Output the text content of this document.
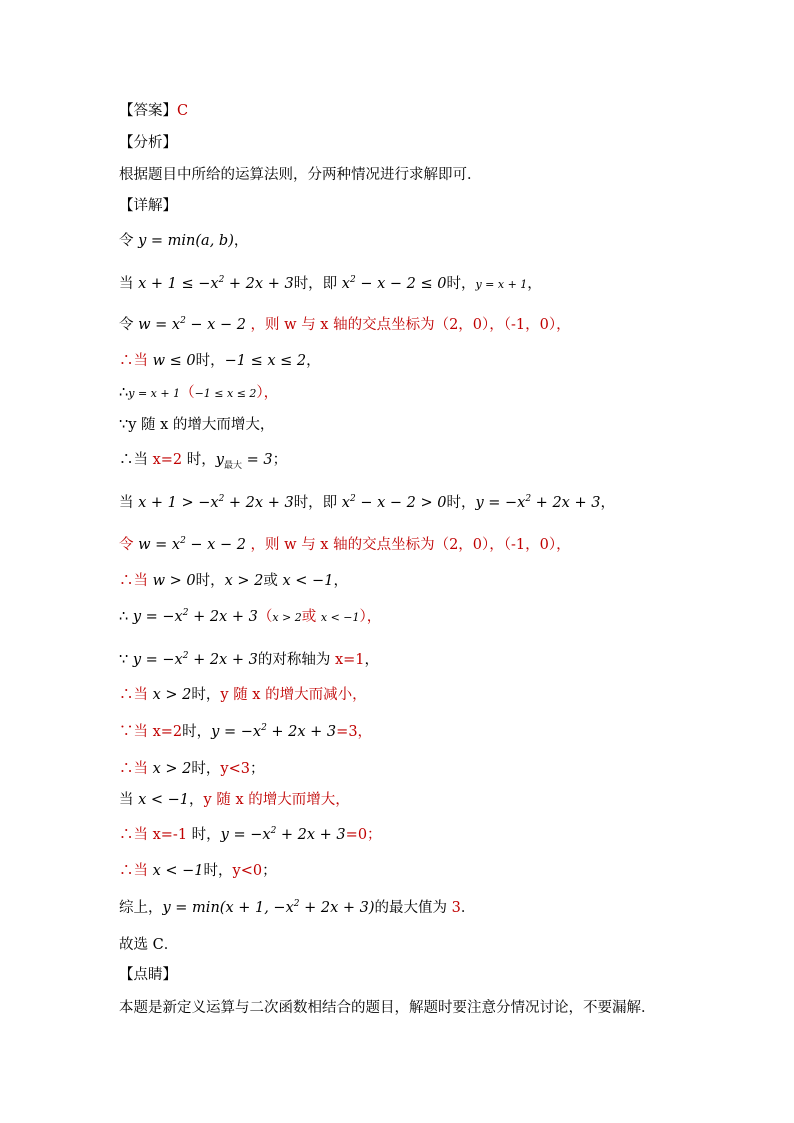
【答案】C
【分析】
根据题目中所给的运算法则，分两种情况进行求解即可．
【详解】
令 y = min(a, b)，
当 $x + 1 \le -x^2 + 2x + 3$时，即 $x^2 - x - 2 \le 0$时，y = x + 1，
令 $w = x^2 - x - 2$ ，则 w 与 x 轴的交点坐标为（2，0），（-1，0），
∴当 w ≤ 0时，−1 ≤ x ≤ 2，
∴y = x + 1（−1 ≤ x ≤ 2），
∵y 随 x 的增大而增大，
∴当 x=2 时，$y_{最大} = 3$；
当 $x + 1 > -x^2 + 2x + 3$时，即 $x^2 - x - 2 > 0$时，$y = -x^2 + 2x + 3$，
令 $w = x^2 - x - 2$ ，则 w 与 x 轴的交点坐标为（2，0），（-1，0），
∴当 w > 0时，x > 2或 x < −1，
∴ $y = -x^2 + 2x + 3(x > 2$或 x < −1），
∵ $y = -x^2 + 2x + 3$的对称轴为 x=1，
∴当 x > 2时，y 随 x 的增大而减小，
∵当 x=2时，$y = -x^2 + 2x + 3=3$，
∴当 x > 2时，y<3；
当 x < −1，y 随 x 的增大而增大，
∴当 x=-1 时，$y = -x^2 + 2x + 3=0$；
∴当 x < −1时，y<0；
综上，y = min(x + 1, $-x^2 + 2x + 3$)的最大值为 3．
故选 C．
【点睛】
本题是新定义运算与二次函数相结合的题目，解题时要注意分情况讨论，不要漏解．
